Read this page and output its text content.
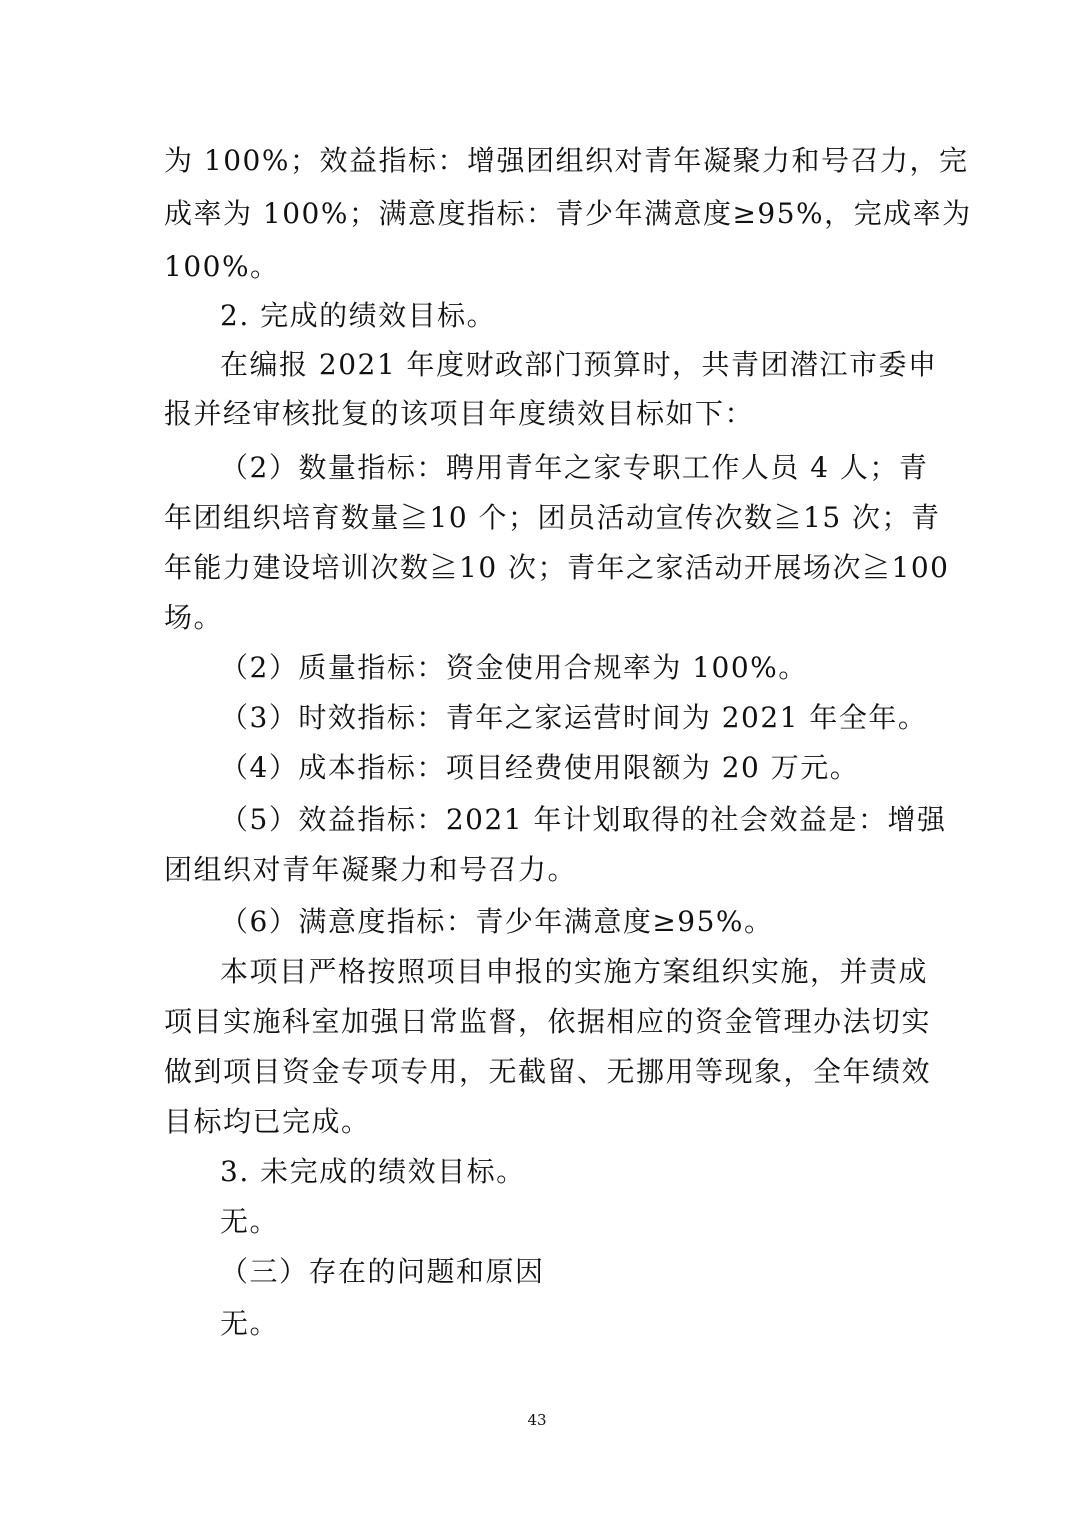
为 100%；效益指标：增强团组织对青年凝聚力和号召力，完
成率为 100%；满意度指标：青少年满意度≥95%，完成率为
100%。
2. 完成的绩效目标。
在编报 2021 年度财政部门预算时，共青团潜江市委申
报并经审核批复的该项目年度绩效目标如下：
（2）数量指标：聘用青年之家专职工作人员 4 人；青
年团组织培育数量≧10 个；团员活动宣传次数≧15 次；青
年能力建设培训次数≧10 次；青年之家活动开展场次≧100
场。
（2）质量指标：资金使用合规率为 100%。
（3）时效指标：青年之家运营时间为 2021 年全年。
（4）成本指标：项目经费使用限额为 20 万元。
（5）效益指标：2021 年计划取得的社会效益是：增强
团组织对青年凝聚力和号召力。
（6）满意度指标：青少年满意度≥95%。
本项目严格按照项目申报的实施方案组织实施，并责成
项目实施科室加强日常监督，依据相应的资金管理办法切实
做到项目资金专项专用，无截留、无挪用等现象，全年绩效
目标均已完成。
3. 未完成的绩效目标。
无。
（三）存在的问题和原因
无。
43
